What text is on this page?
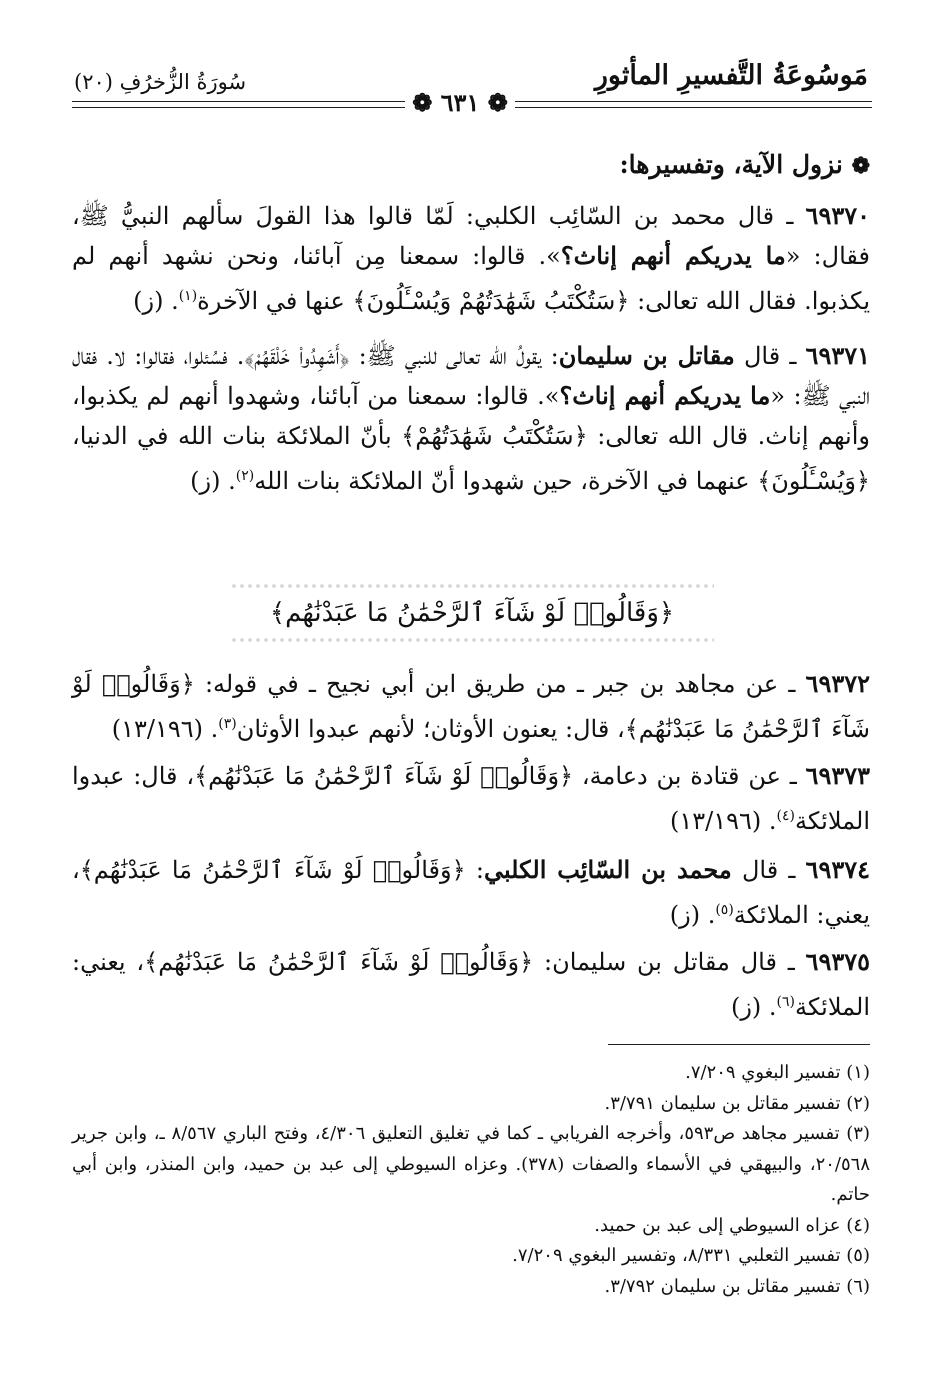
مَوسُوعَةُ التَّفسيرِ المأثورِ
سُورَةُ الزُّخرُفِ (٢٠)
❁ ٦٣١ ❁
❁ نزول الآية، وتفسيرها:
٦٩٣٧٠ ـ قال محمد بن السّائِب الكلبي: لَمّا قالوا هذا القولَ سألهم النبيُّ ﷺ، فقال: «ما يدريكم أنهم إناث؟». قالوا: سمعنا مِن آبائنا، ونحن نشهد أنهم لم يكذبوا. فقال الله تعالى: ﴿سَتُكْتَبُ شَهَٰدَتُهُمْ وَيُسْـَٔلُونَ﴾ عنها في الآخرة$^{(١)}$. (ز)
٦٩٣٧١ ـ قال مقاتل بن سليمان: يقولُ الله تعالى للنبي ﷺ: ﴿أَشَهِدُوا۟ خَلْقَهُمْ﴾. فسُئلوا، فقالوا: لا. فقال النبي ﷺ: «ما يدريكم أنهم إناث؟». قالوا: سمعنا من آبائنا، وشهدوا أنهم لم يكذبوا، وأنهم إناث. قال الله تعالى: ﴿سَتُكْتَبُ شَهَٰدَتُهُمْ﴾ بأنّ الملائكة بنات الله في الدنيا، ﴿وَيُسْـَٔلُونَ﴾ عنهما في الآخرة، حين شهدوا أنّ الملائكة بنات الله$^{(٢)}$. (ز)
﴿وَقَالُوا۟ لَوْ شَآءَ ٱلرَّحْمَٰنُ مَا عَبَدْنَٰهُم﴾
٦٩٣٧٢ ـ عن مجاهد بن جبر ـ من طريق ابن أبي نجيح ـ في قوله: ﴿وَقَالُوا۟ لَوْ شَآءَ ٱلرَّحْمَٰنُ مَا عَبَدْنَٰهُم﴾، قال: يعنون الأوثان؛ لأنهم عبدوا الأوثان$^{(٣)}$. (١٣/١٩٦)
٦٩٣٧٣ ـ عن قتادة بن دعامة، ﴿وَقَالُوا۟ لَوْ شَآءَ ٱلرَّحْمَٰنُ مَا عَبَدْنَٰهُم﴾، قال: عبدوا الملائكة$^{(٤)}$. (١٣/١٩٦)
٦٩٣٧٤ ـ قال محمد بن السّائِب الكلبي: ﴿وَقَالُوا۟ لَوْ شَآءَ ٱلرَّحْمَٰنُ مَا عَبَدْنَٰهُم﴾، يعني: الملائكة$^{(٥)}$. (ز)
٦٩٣٧٥ ـ قال مقاتل بن سليمان: ﴿وَقَالُوا۟ لَوْ شَآءَ ٱلرَّحْمَٰنُ مَا عَبَدْنَٰهُم﴾، يعني: الملائكة$^{(٦)}$. (ز)
(١) تفسير البغوي ٧/٢٠٩.
(٢) تفسير مقاتل بن سليمان ٣/٧٩١.
(٣) تفسير مجاهد ص٥٩٣، وأخرجه الفريابي ـ كما في تغليق التعليق ٤/٣٠٦، وفتح الباري ٨/٥٦٧ ـ، وابن جرير ٢٠/٥٦٨، والبيهقي في الأسماء والصفات (٣٧٨). وعزاه السيوطي إلى عبد بن حميد، وابن المنذر، وابن أبي حاتم.
(٤) عزاه السيوطي إلى عبد بن حميد.
(٥) تفسير الثعلبي ٨/٣٣١، وتفسير البغوي ٧/٢٠٩.
(٦) تفسير مقاتل بن سليمان ٣/٧٩٢.
